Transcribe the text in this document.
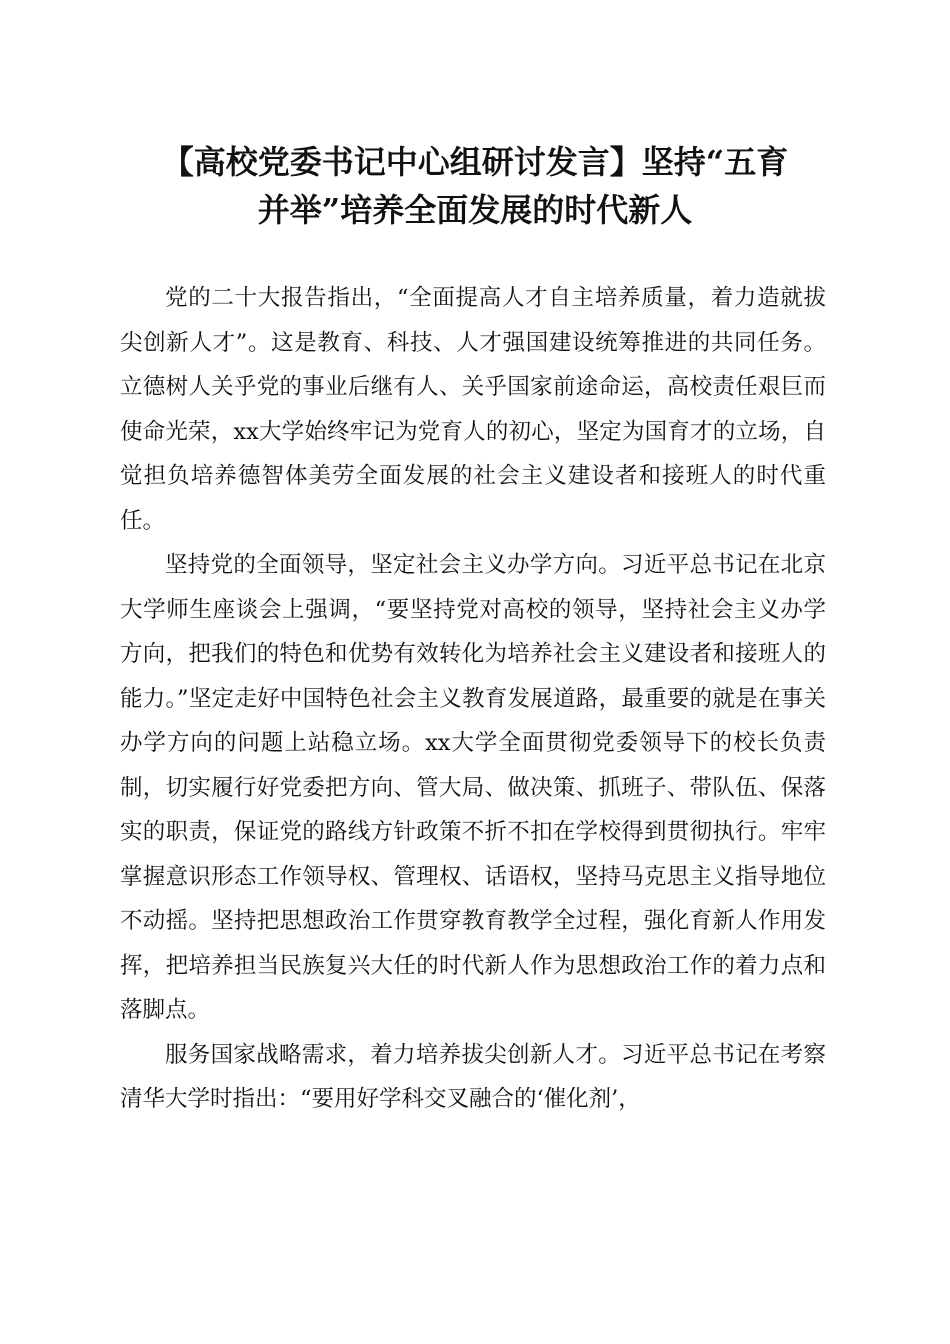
【高校党委书记中心组研讨发言】坚持“五育
并举”培养全面发展的时代新人

党的二十大报告指出，“全面提高人才自主培养质量，着力造就拔尖创新人才”。这是教育、科技、人才强国建设统筹推进的共同任务。立德树人关乎党的事业后继有人、关乎国家前途命运，高校责任艰巨而使命光荣，xx大学始终牢记为党育人的初心，坚定为国育才的立场，自觉担负培养德智体美劳全面发展的社会主义建设者和接班人的时代重任。

坚持党的全面领导，坚定社会主义办学方向。习近平总书记在北京大学师生座谈会上强调，“要坚持党对高校的领导，坚持社会主义办学方向，把我们的特色和优势有效转化为培养社会主义建设者和接班人的能力。”坚定走好中国特色社会主义教育发展道路，最重要的就是在事关办学方向的问题上站稳立场。xx大学全面贯彻党委领导下的校长负责制，切实履行好党委把方向、管大局、做决策、抓班子、带队伍、保落实的职责，保证党的路线方针政策不折不扣在学校得到贯彻执行。牢牢掌握意识形态工作领导权、管理权、话语权，坚持马克思主义指导地位不动摇。坚持把思想政治工作贯穿教育教学全过程，强化育新人作用发挥，把培养担当民族复兴大任的时代新人作为思想政治工作的着力点和落脚点。

服务国家战略需求，着力培养拔尖创新人才。习近平总书记在考察清华大学时指出：“要用好学科交叉融合的‘催化剂’，
